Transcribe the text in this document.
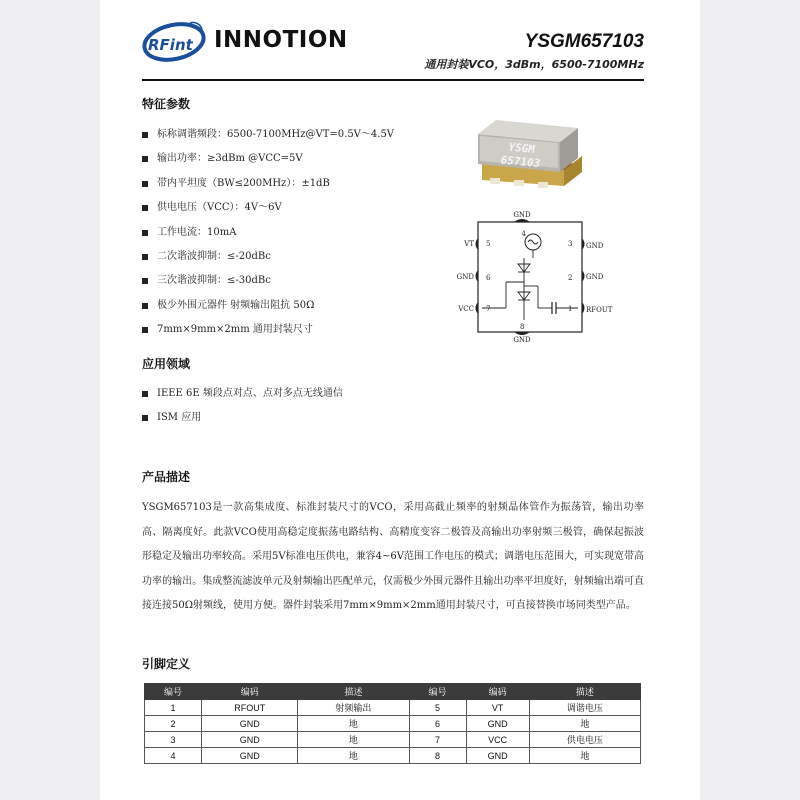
RFint INNOTION	YSGM657103
通用封装VCO，3dBm，6500-7100MHz
特征参数
标称调谐频段：6500-7100MHz@VT=0.5V～4.5V
输出功率：≥3dBm @VCC=5V
带内平坦度（BW≤200MHz）：±1dB
供电电压（VCC）：4V～6V
工作电流：10mA
二次谐波抑制：≤-20dBc
三次谐波抑制：≤-30dBc
极少外围元器件 射频输出阻抗 50Ω
7mm×9mm×2mm 通用封装尺寸
YSGM
657103
4
5	3
6	2
7	1
8
GND
VT	GND
GND	GND
VCC	RFOUT
GND
应用领域
IEEE 6E 频段点对点、点对多点无线通信
ISM 应用
产品描述

YSGM657103是一款高集成度、标准封装尺寸的VCO，采用高截止频率的射频晶体管作为振荡管，输出功率高、隔离度好。此款VCO使用高稳定度振荡电路结构、高精度变容二极管及高输出功率射频三极管，确保起振波形稳定及输出功率较高。采用5V标准电压供电，兼容4~6V范围工作电压的模式；调谐电压范围大，可实现宽带高功率的输出。集成整流滤波单元及射频输出匹配单元，仅需极少外围元器件且输出功率平坦度好，射频输出端可直接连接50Ω射频线，使用方便。器件封装采用7mm×9mm×2mm通用封装尺寸，可直接替换市场同类型产品。

引脚定义
编号	编码	描述	编号	编码	描述
1	RFOUT	射频输出	5	VT	调谐电压
2	GND	地	6	GND	地
3	GND	地	7	VCC	供电电压
4	GND	地	8	GND	地
